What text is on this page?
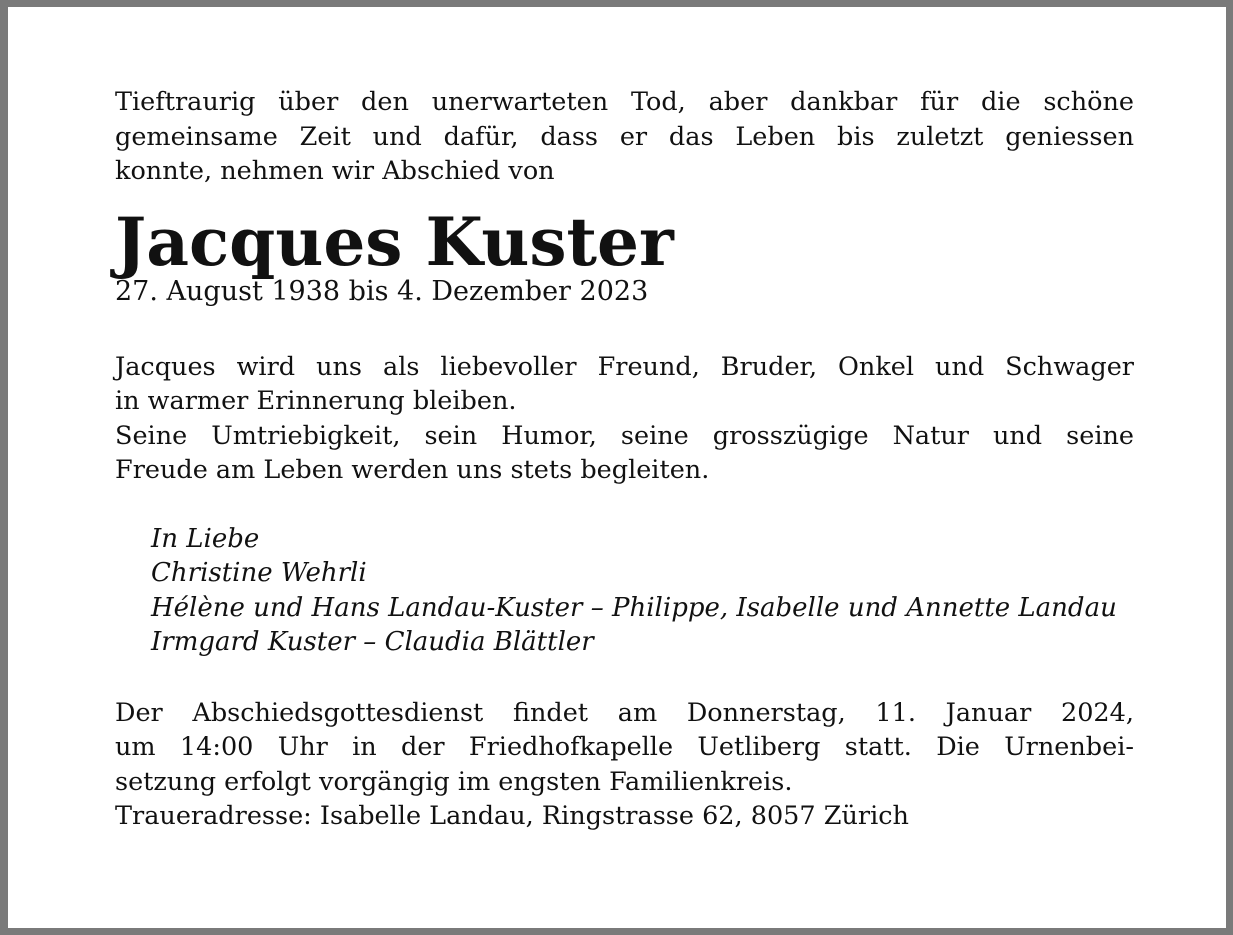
Tieftraurig über den unerwarteten Tod, aber dankbar für die schöne
gemeinsame Zeit und dafür, dass er das Leben bis zuletzt geniessen
konnte, nehmen wir Abschied von

Jacques Kuster

27. August 1938 bis 4. Dezember 2023

Jacques wird uns als liebevoller Freund, Bruder, Onkel und Schwager
in warmer Erinnerung bleiben.
Seine Umtriebigkeit, sein Humor, seine grosszügige Natur und seine
Freude am Leben werden uns stets begleiten.

In Liebe
Christine Wehrli
Hélène und Hans Landau-Kuster – Philippe, Isabelle und Annette Landau
Irmgard Kuster – Claudia Blättler

Der Abschiedsgottesdienst findet am Donnerstag, 11. Januar 2024,
um 14:00 Uhr in der Friedhofkapelle Uetliberg statt. Die Urnenbei-
setzung erfolgt vorgängig im engsten Familienkreis.
Traueradresse: Isabelle Landau, Ringstrasse 62, 8057 Zürich
